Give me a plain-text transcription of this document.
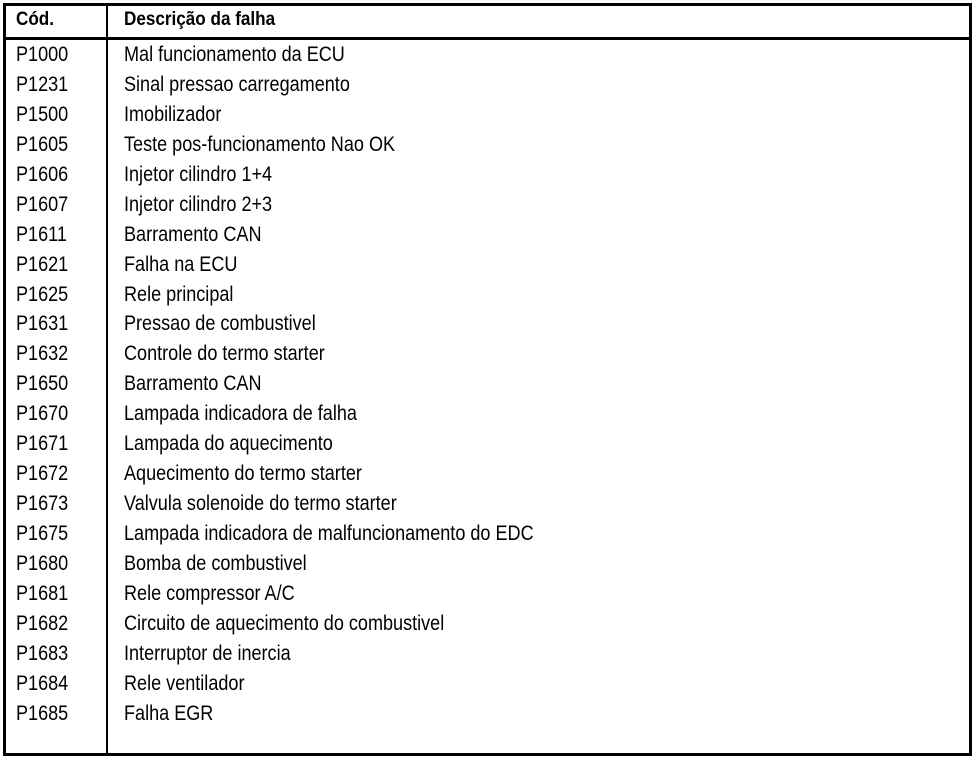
Cód.	Descrição da falha
P1000	Mal funcionamento da ECU
P1231	Sinal pressao carregamento
P1500	Imobilizador
P1605	Teste pos-funcionamento Nao OK
P1606	Injetor cilindro 1+4
P1607	Injetor cilindro 2+3
P1611	Barramento CAN
P1621	Falha na ECU
P1625	Rele principal
P1631	Pressao de combustivel
P1632	Controle do termo starter
P1650	Barramento CAN
P1670	Lampada indicadora de falha
P1671	Lampada do aquecimento
P1672	Aquecimento do termo starter
P1673	Valvula solenoide do termo starter
P1675	Lampada indicadora de malfuncionamento do EDC
P1680	Bomba de combustivel
P1681	Rele compressor A/C
P1682	Circuito de aquecimento do combustivel
P1683	Interruptor de inercia
P1684	Rele ventilador
P1685	Falha EGR
